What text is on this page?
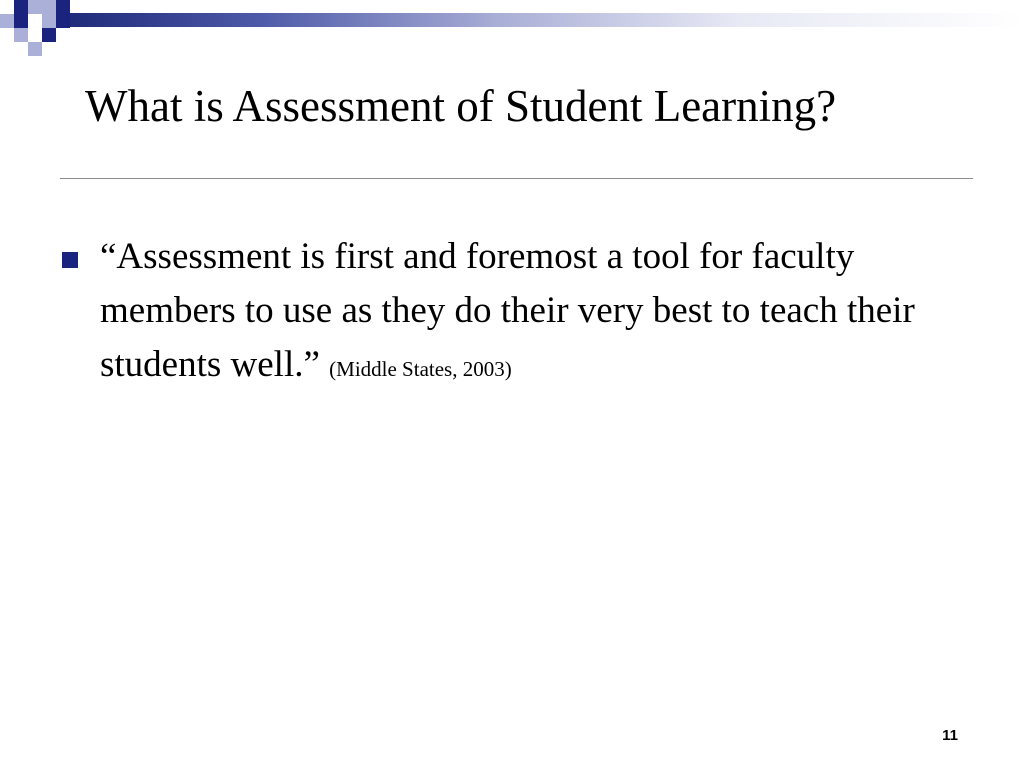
What is Assessment of Student Learning?

“Assessment is first and foremost a tool for faculty members to use as they do their very best to teach their students well.” (Middle States, 2003)

11
